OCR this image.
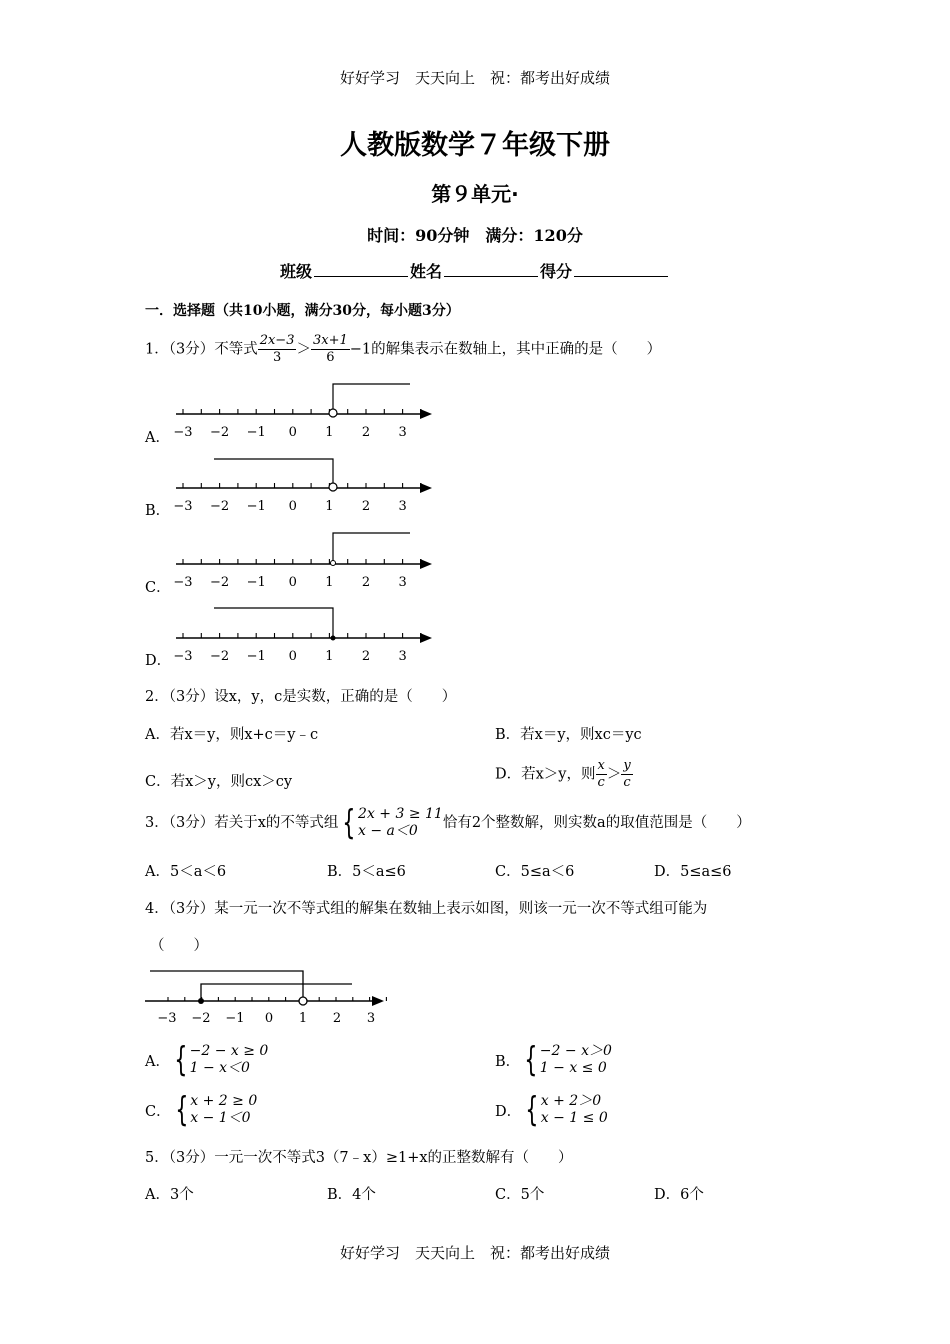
好好学习　天天向上　祝：都考出好成绩
人教版数学７年级下册
第９单元·
时间：90分钟　满分：120分
班级	姓名	得分
一．选择题（共10小题，满分30分，每小题3分）
1．（3分）不等式 $\frac{2x-3}{3} > \frac{3x+1}{6} -1$的解集表示在数轴上，其中正确的是（　　）
A． −3 −2 −1 0 1 2 3
B． −3 −2 −1 0 1 2 3
C． −3 −2 −1 0 1 2 3
D． −3 −2 −1 0 1 2 3
2．（3分）设x，y，c是实数，正确的是（　　）
A．若x＝y，则x+c＝y﹣c	B．若x＝y，则xc＝yc
C．若x＞y，则cx＞cy	D．若x＞y，则 $\frac{x}{c} > \frac{y}{c}$
3．（3分）若关于x的不等式组 { 2x + 3 ≥ 11
x − a＜0	恰有2个整数解，则实数a的取值范围是（　　）
A．5＜a＜6	B．5＜a≤6	C．5≤a＜6	D．5≤a≤6
4．（3分）某一元一次不等式组的解集在数轴上表示如图，则该一元一次不等式组可能为
（　　）
−3 −2 −1 0 1 2 3
A． { −2 − x ≥ 0
1 − x＜0	B． { −2 − x＞0
1 − x ≤ 0
C． { x + 2 ≥ 0
x − 1＜0	D． { x + 2＞0
x − 1 ≤ 0
5．（3分）一元一次不等式3（7﹣x）≥1+x的正整数解有（　　）
A．3个	B．4个	C．5个	D．6个
好好学习　天天向上　祝：都考出好成绩
